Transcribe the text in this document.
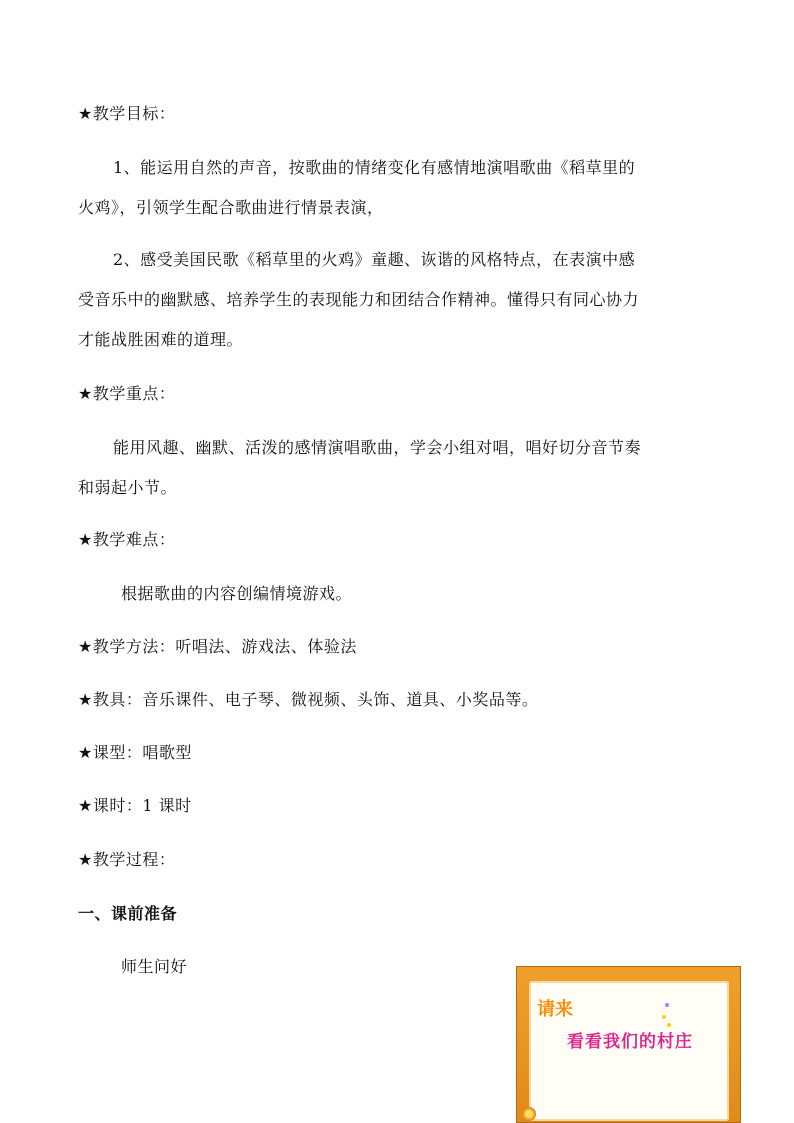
★教学目标：
1、能运用自然的声音，按歌曲的情绪变化有感情地演唱歌曲《稻草里的
火鸡》，引领学生配合歌曲进行情景表演，
2、感受美国民歌《稻草里的火鸡》童趣、诙谐的风格特点，在表演中感
受音乐中的幽默感、培养学生的表现能力和团结合作精神。懂得只有同心协力
才能战胜困难的道理。
★教学重点：
能用风趣、幽默、活泼的感情演唱歌曲，学会小组对唱，唱好切分音节奏
和弱起小节。
★教学难点：
根据歌曲的内容创编情境游戏。
★教学方法：听唱法、游戏法、体验法
★教具：音乐课件、电子琴、微视频、头饰、道具、小奖品等。
★课型：唱歌型
★课时：1 课时
★教学过程：
一、课前准备
师生问好
请来
看看我们的村庄
